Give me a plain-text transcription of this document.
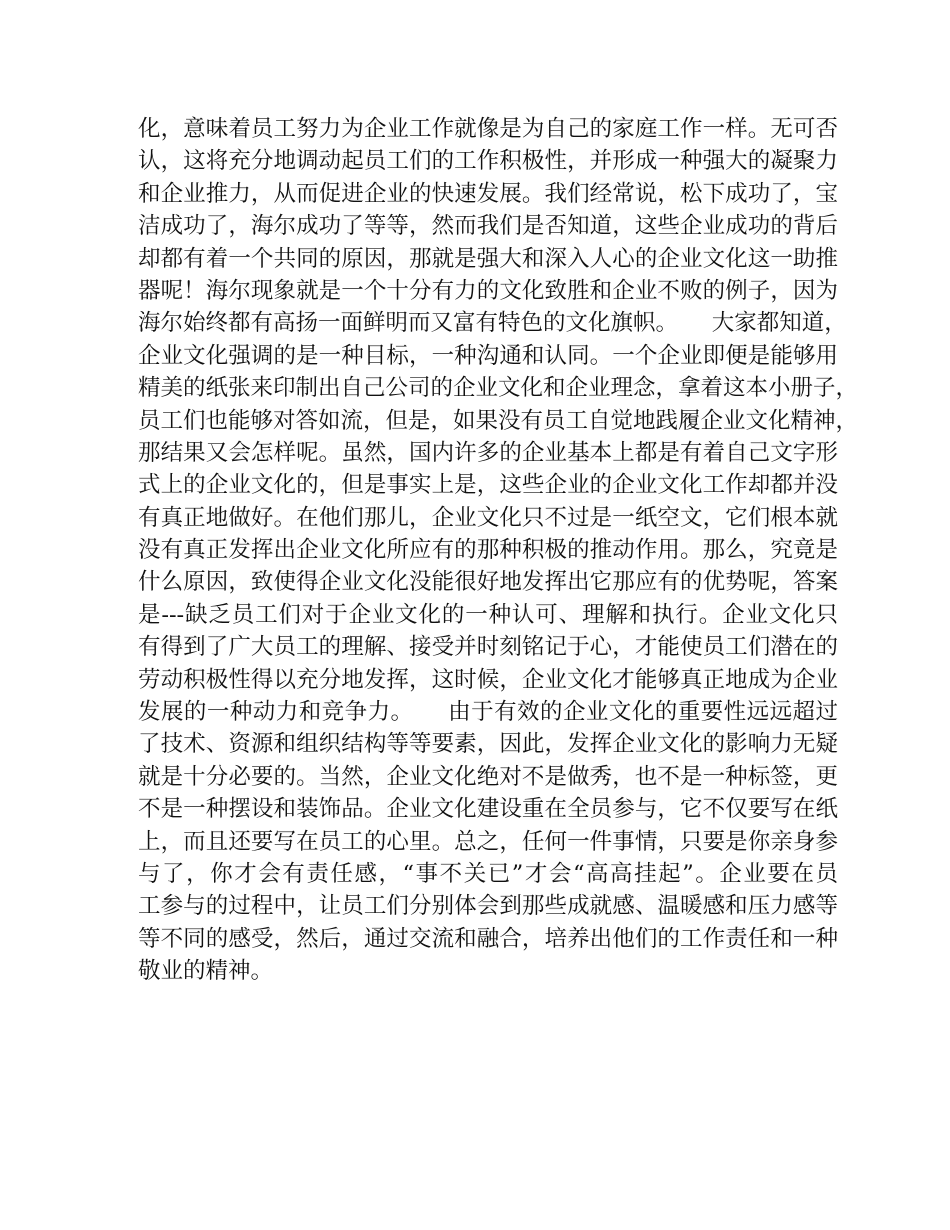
化，意味着员工努力为企业工作就像是为自己的家庭工作一样。无可否
认，这将充分地调动起员工们的工作积极性，并形成一种强大的凝聚力
和企业推力，从而促进企业的快速发展。我们经常说，松下成功了，宝
洁成功了，海尔成功了等等，然而我们是否知道，这些企业成功的背后
却都有着一个共同的原因，那就是强大和深入人心的企业文化这一助推
器呢！海尔现象就是一个十分有力的文化致胜和企业不败的例子，因为
海尔始终都有高扬一面鲜明而又富有特色的文化旗帜。　　大家都知道，
企业文化强调的是一种目标，一种沟通和认同。一个企业即便是能够用
精美的纸张来印制出自己公司的企业文化和企业理念，拿着这本小册子，
员工们也能够对答如流，但是，如果没有员工自觉地践履企业文化精神，
那结果又会怎样呢。虽然，国内许多的企业基本上都是有着自己文字形
式上的企业文化的，但是事实上是，这些企业的企业文化工作却都并没
有真正地做好。在他们那儿，企业文化只不过是一纸空文，它们根本就
没有真正发挥出企业文化所应有的那种积极的推动作用。那么，究竟是
什么原因，致使得企业文化没能很好地发挥出它那应有的优势呢，答案
是---缺乏员工们对于企业文化的一种认可、理解和执行。企业文化只
有得到了广大员工的理解、接受并时刻铭记于心，才能使员工们潜在的
劳动积极性得以充分地发挥，这时候，企业文化才能够真正地成为企业
发展的一种动力和竞争力。　　由于有效的企业文化的重要性远远超过
了技术、资源和组织结构等等要素，因此，发挥企业文化的影响力无疑
就是十分必要的。当然，企业文化绝对不是做秀，也不是一种标签，更
不是一种摆设和装饰品。企业文化建设重在全员参与，它不仅要写在纸
上，而且还要写在员工的心里。总之，任何一件事情，只要是你亲身参
与了，你才会有责任感，“事不关已”才会“高高挂起”。企业要在员
工参与的过程中，让员工们分别体会到那些成就感、温暖感和压力感等
等不同的感受，然后，通过交流和融合，培养出他们的工作责任和一种
敬业的精神。
